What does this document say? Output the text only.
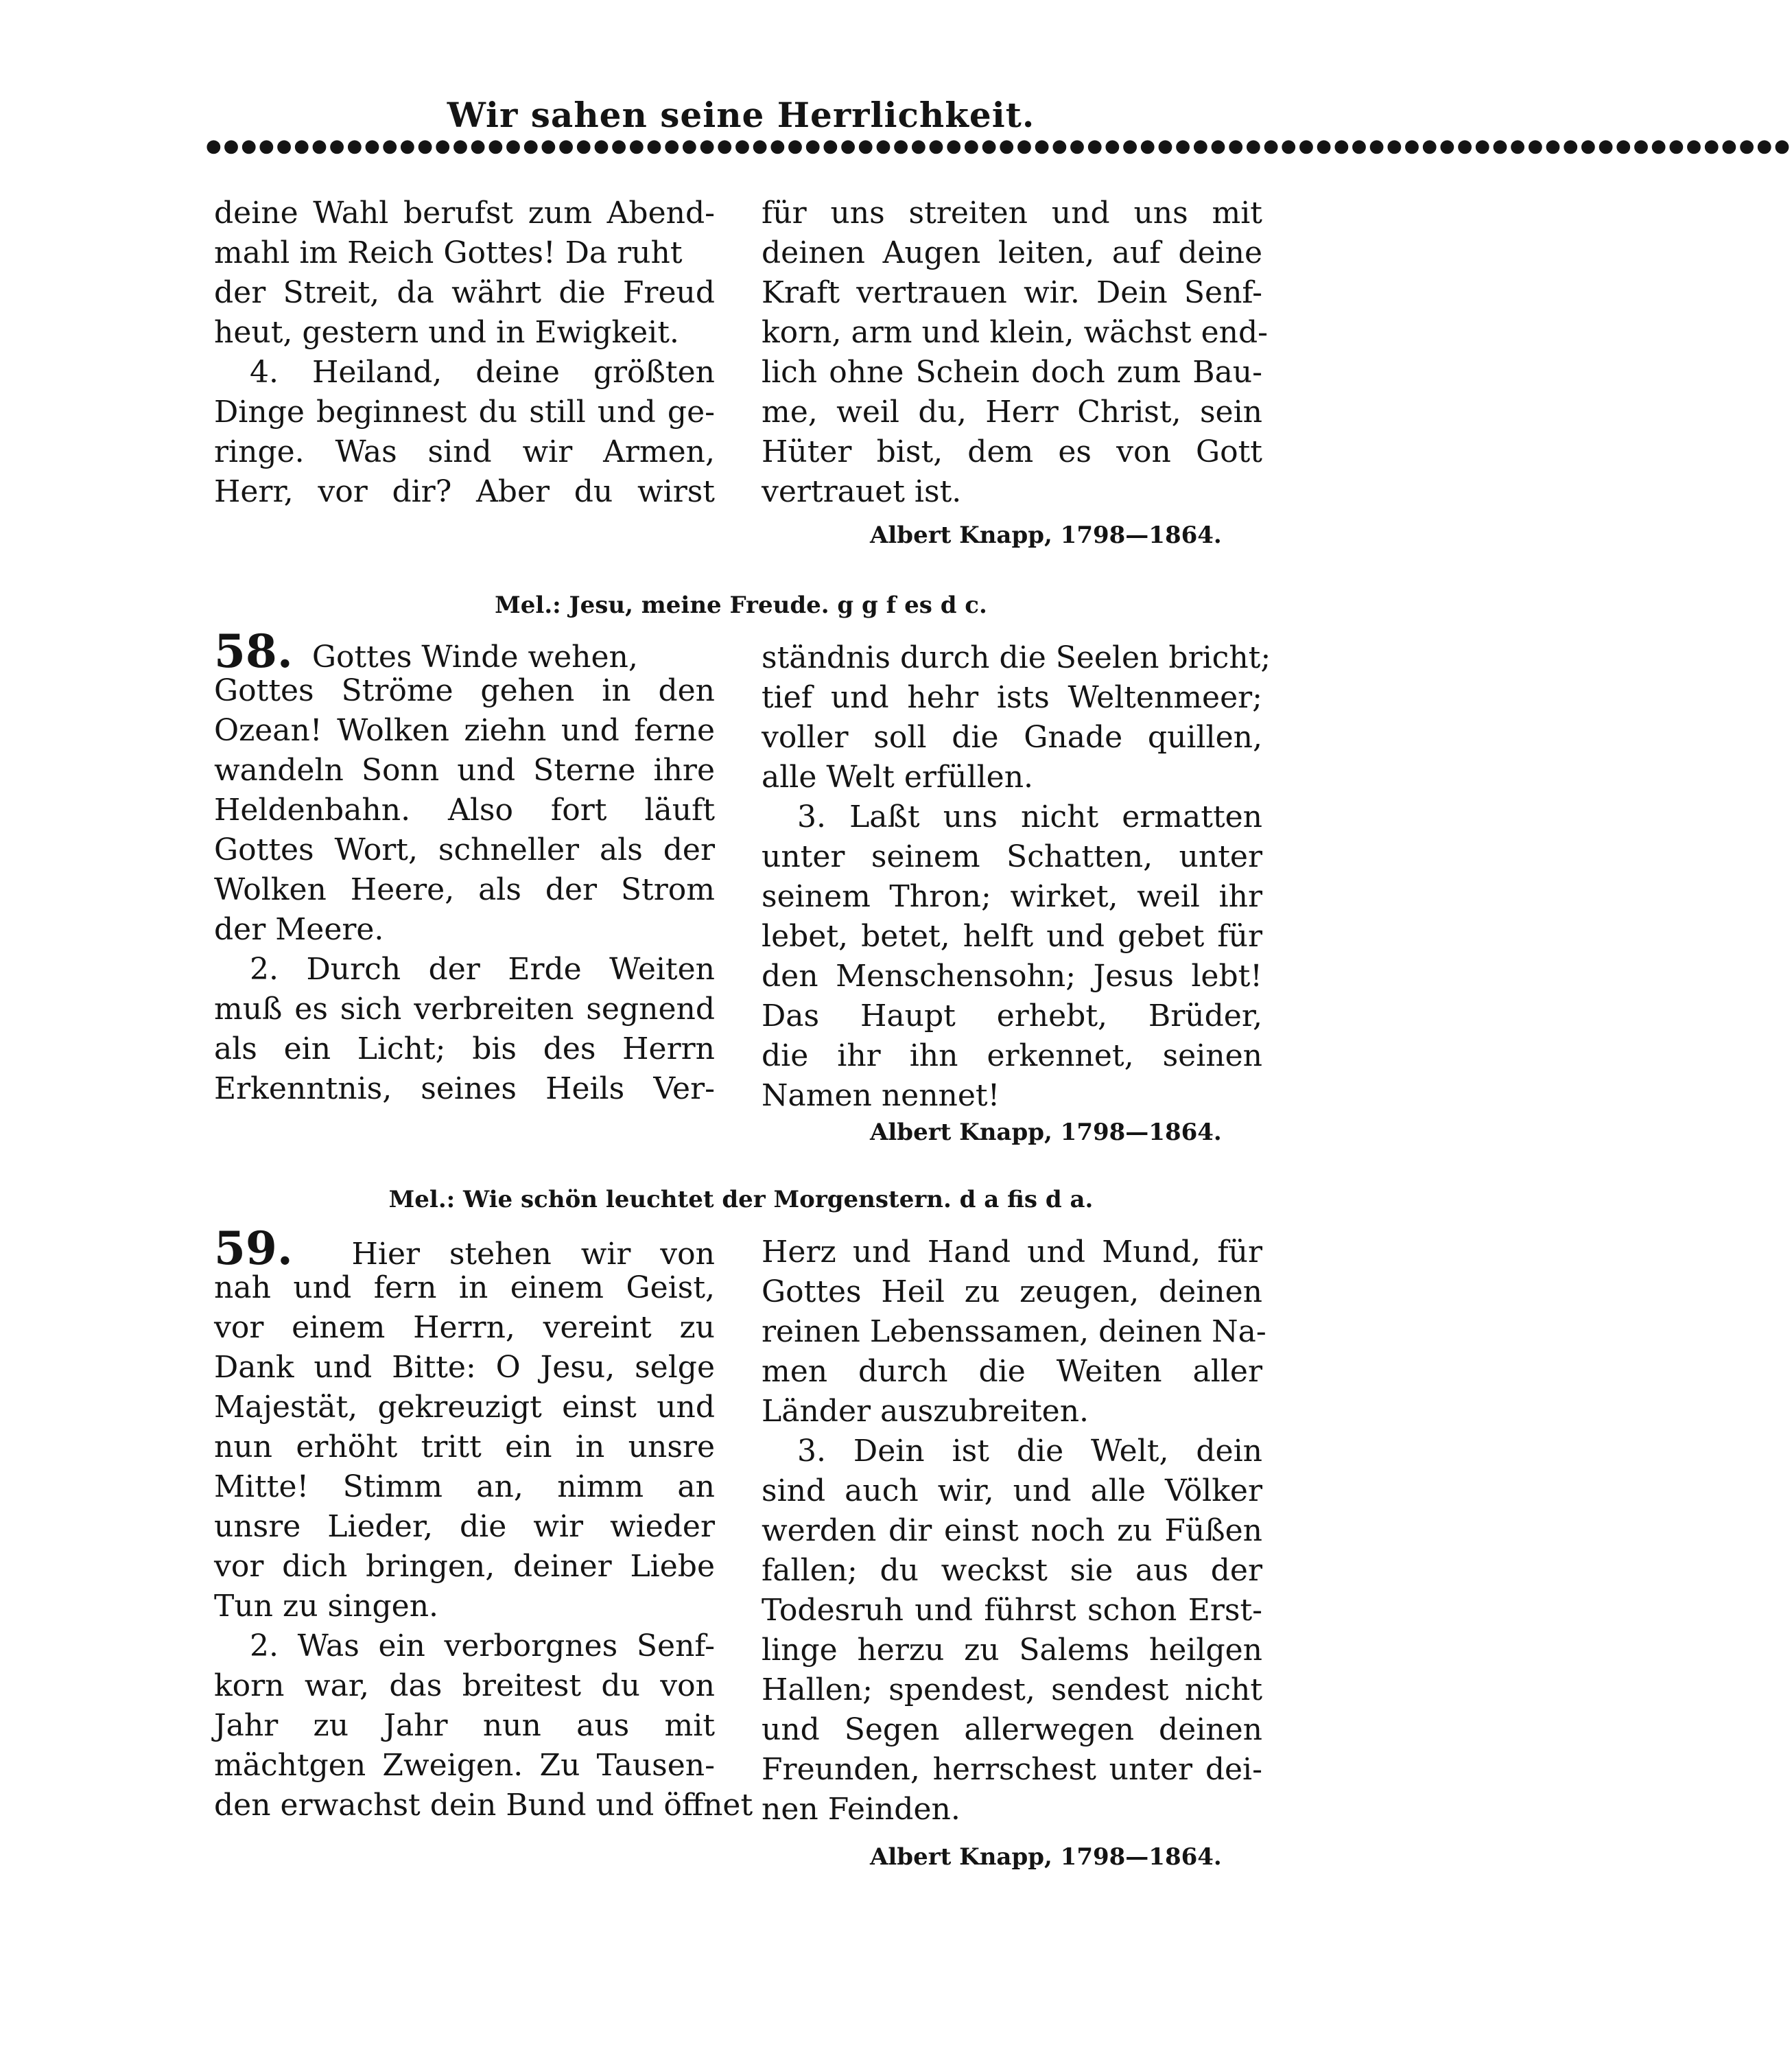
Wir sahen seine Herrlichkeit.
●●●●●●●●●●●●●●●●●●●●●●●●●●●●●●●●●●●●●●●●●●●●●●●●●●●●●●●●●●●●●●●●●●●●●●●●●●●●●●●●●●●●●●●●●●
deine Wahl berufst zum Abend-
mahl im Reich Gottes! Da ruht
der Streit, da währt die Freud
heut, gestern und in Ewigkeit.
4. Heiland, deine größten
Dinge beginnest du still und ge-
ringe. Was sind wir Armen,
Herr, vor dir? Aber du wirst
für uns streiten und uns mit
deinen Augen leiten, auf deine
Kraft vertrauen wir. Dein Senf-
korn, arm und klein, wächst end-
lich ohne Schein doch zum Bau-
me, weil du, Herr Christ, sein
Hüter bist, dem es von Gott
vertrauet ist.
Albert Knapp, 1798—1864.
Mel.: Jesu, meine Freude. g g f es d c.
58. Gottes Winde wehen,
Gottes Ströme gehen in den
Ozean! Wolken ziehn und ferne
wandeln Sonn und Sterne ihre
Heldenbahn. Also fort läuft
Gottes Wort, schneller als der
Wolken Heere, als der Strom
der Meere.
2. Durch der Erde Weiten
muß es sich verbreiten segnend
als ein Licht; bis des Herrn
Erkenntnis, seines Heils Ver-
ständnis durch die Seelen bricht;
tief und hehr ists Weltenmeer;
voller soll die Gnade quillen,
alle Welt erfüllen.
3. Laßt uns nicht ermatten
unter seinem Schatten, unter
seinem Thron; wirket, weil ihr
lebet, betet, helft und gebet für
den Menschensohn; Jesus lebt!
Das Haupt erhebt, Brüder,
die ihr ihn erkennet, seinen
Namen nennet!
Albert Knapp, 1798—1864.
Mel.: Wie schön leuchtet der Morgenstern. d a fis d a.
59. Hier stehen wir von
nah und fern in einem Geist,
vor einem Herrn, vereint zu
Dank und Bitte: O Jesu, selge
Majestät, gekreuzigt einst und
nun erhöht tritt ein in unsre
Mitte! Stimm an, nimm an
unsre Lieder, die wir wieder
vor dich bringen, deiner Liebe
Tun zu singen.
2. Was ein verborgnes Senf-
korn war, das breitest du von
Jahr zu Jahr nun aus mit
mächtgen Zweigen. Zu Tausen-
den erwachst dein Bund und öffnet
Herz und Hand und Mund, für
Gottes Heil zu zeugen, deinen
reinen Lebenssamen, deinen Na-
men durch die Weiten aller
Länder auszubreiten.
3. Dein ist die Welt, dein
sind auch wir, und alle Völker
werden dir einst noch zu Füßen
fallen; du weckst sie aus der
Todesruh und führst schon Erst-
linge herzu zu Salems heilgen
Hallen; spendest, sendest nicht
und Segen allerwegen deinen
Freunden, herrschest unter dei-
nen Feinden.
Albert Knapp, 1798—1864.
